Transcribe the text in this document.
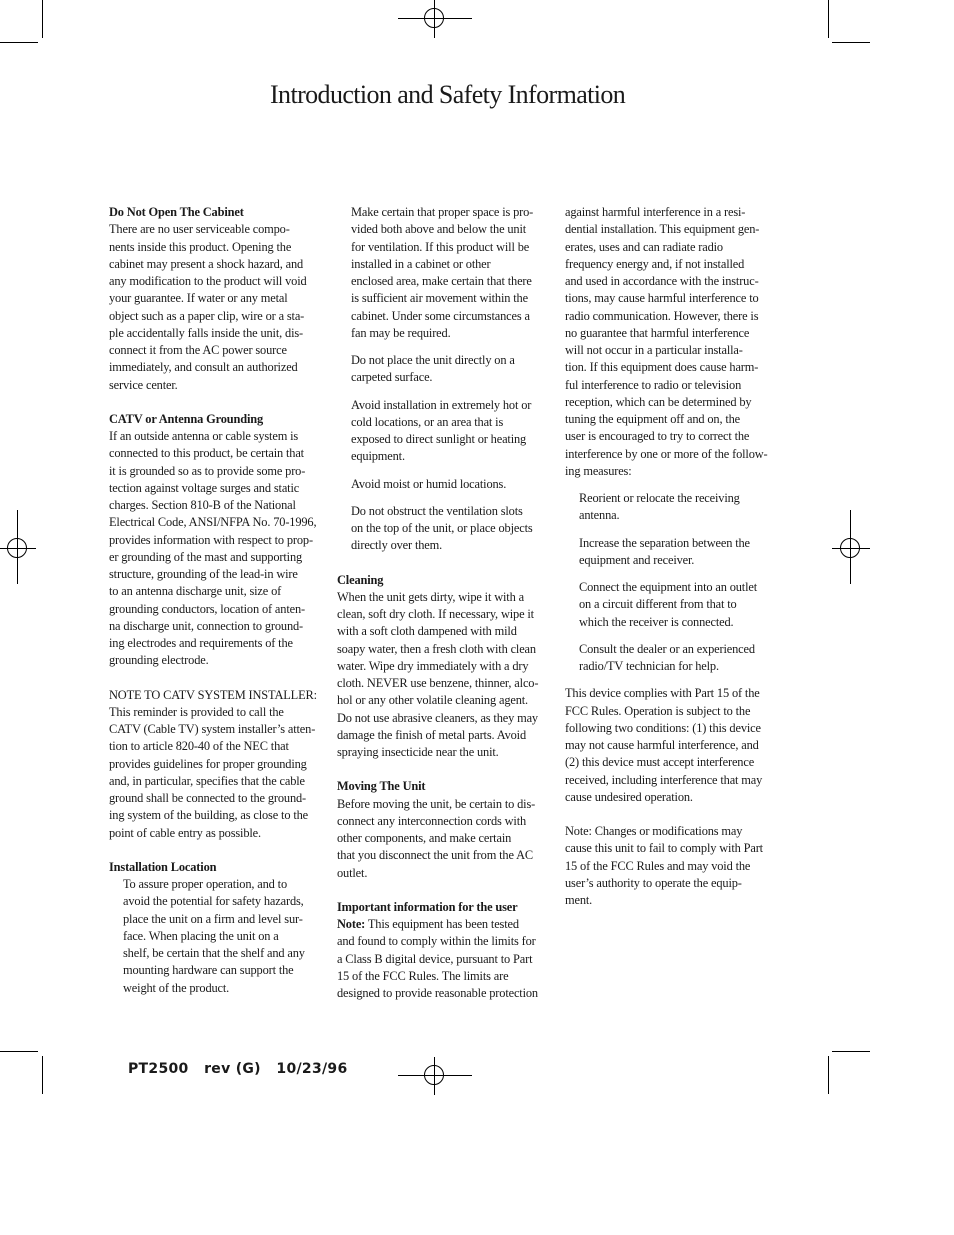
Introduction and Safety Information
Do Not Open The Cabinet

There are no user serviceable compo-
nents inside this product. Opening the
cabinet may present a shock hazard, and
any modification to the product will void
your guarantee. If water or any metal
object such as a paper clip, wire or a sta-
ple accidentally falls inside the unit, dis-
connect it from the AC power source
immediately, and consult an authorized
service center.

CATV or Antenna Grounding

If an outside antenna or cable system is
connected to this product, be certain that
it is grounded so as to provide some pro-
tection against voltage surges and static
charges. Section 810-B of the National
Electrical Code, ANSI/NFPA No. 70-1996,
provides information with respect to prop-
er grounding of the mast and supporting
structure, grounding of the lead-in wire
to an antenna discharge unit, size of
grounding conductors, location of anten-
na discharge unit, connection to ground-
ing electrodes and requirements of the
grounding electrode.

NOTE TO CATV SYSTEM INSTALLER:

This reminder is provided to call the
CATV (Cable TV) system installer’s atten-
tion to article 820-40 of the NEC that
provides guidelines for proper grounding
and, in particular, specifies that the cable
ground shall be connected to the ground-
ing system of the building, as close to the
point of cable entry as possible.

Installation Location

To assure proper operation, and to
avoid the potential for safety hazards,
place the unit on a firm and level sur-
face. When placing the unit on a
shelf, be certain that the shelf and any
mounting hardware can support the
weight of the product.

Make certain that proper space is pro-
vided both above and below the unit
for ventilation. If this product will be
installed in a cabinet or other
enclosed area, make certain that there
is sufficient air movement within the
cabinet. Under some circumstances a
fan may be required.

Do not place the unit directly on a
carpeted surface.

Avoid installation in extremely hot or
cold locations, or an area that is
exposed to direct sunlight or heating
equipment.

Avoid moist or humid locations.

Do not obstruct the ventilation slots
on the top of the unit, or place objects
directly over them.

Cleaning

When the unit gets dirty, wipe it with a
clean, soft dry cloth. If necessary, wipe it
with a soft cloth dampened with mild
soapy water, then a fresh cloth with clean
water. Wipe dry immediately with a dry
cloth. NEVER use benzene, thinner, alco-
hol or any other volatile cleaning agent.
Do not use abrasive cleaners, as they may
damage the finish of metal parts. Avoid
spraying insecticide near the unit.

Moving The Unit

Before moving the unit, be certain to dis-
connect any interconnection cords with
other components, and make certain
that you disconnect the unit from the AC
outlet.

Important information for the user

Note: This equipment has been tested
and found to comply within the limits for
a Class B digital device, pursuant to Part
15 of the FCC Rules. The limits are
designed to provide reasonable protection

against harmful interference in a resi-
dential installation. This equipment gen-
erates, uses and can radiate radio
frequency energy and, if not installed
and used in accordance with the instruc-
tions, may cause harmful interference to
radio communication. However, there is
no guarantee that harmful interference
will not occur in a particular installa-
tion. If this equipment does cause harm-
ful interference to radio or television
reception, which can be determined by
tuning the equipment off and on, the
user is encouraged to try to correct the
interference by one or more of the follow-
ing measures:

Reorient or relocate the receiving
antenna.

Increase the separation between the
equipment and receiver.

Connect the equipment into an outlet
on a circuit different from that to
which the receiver is connected.

Consult the dealer or an experienced
radio/TV technician for help.

This device complies with Part 15 of the
FCC Rules. Operation is subject to the
following two conditions: (1) this device
may not cause harmful interference, and
(2) this device must accept interference
received, including interference that may
cause undesired operation.

Note: Changes or modifications may
cause this unit to fail to comply with Part
15 of the FCC Rules and may void the
user’s authority to operate the equip-
ment.

PT2500   rev (G)   10/23/96
